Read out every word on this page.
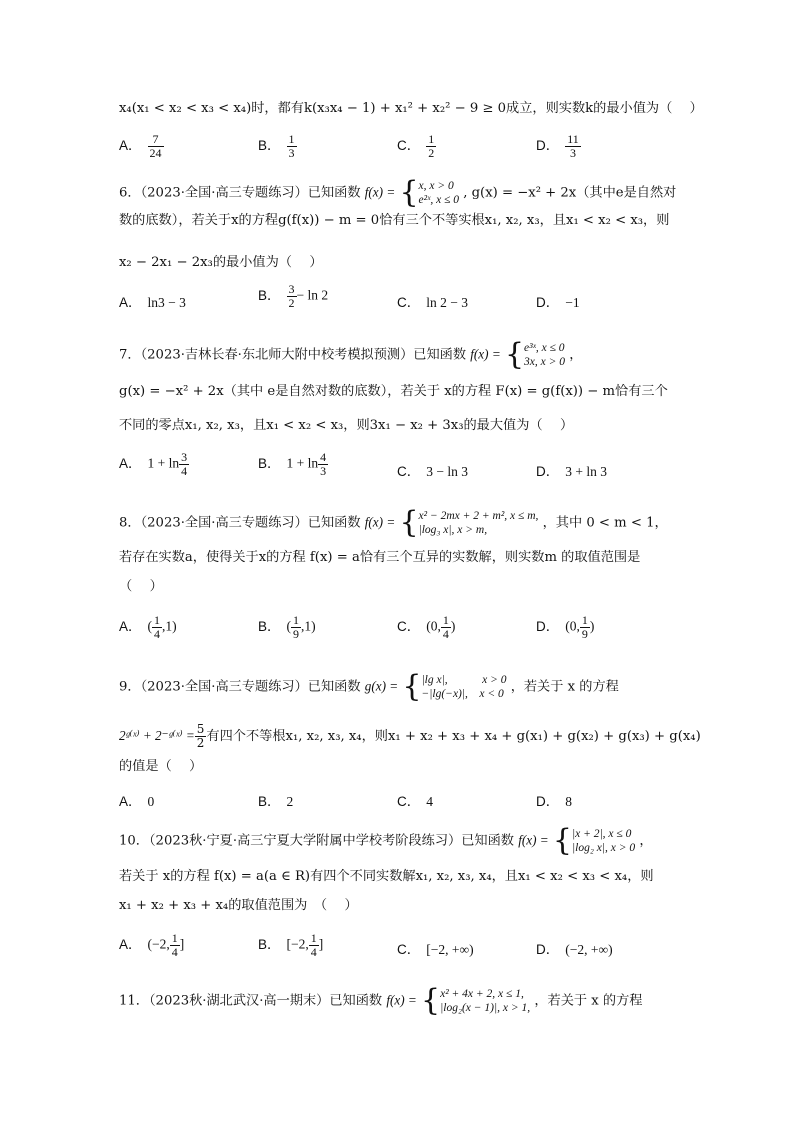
x₄(x₁ < x₂ < x₃ < x₄)时，都有k(x₃x₄ − 1) + x₁² + x₂² − 9 ≥ 0成立，则实数k的最小值为（　 ）
A． $\frac{7}{24}$	B． $\frac{1}{3}$	C． $\frac{1}{2}$	D． $\frac{11}{3}$
6．（2023·全国·高三专题练习）已知函数 f(x) = { x, x > 0
e²ˣ, x ≤ 0 , g(x) = −x² + 2x（其中e是自然对
数的底数），若关于x的方程g(f(x)) − m = 0恰有三个不等实根x₁, x₂, x₃，且x₁ < x₂ < x₃，则
x₂ − 2x₁ − 2x₃的最小值为（　 ）
A． ln3 − 3	B． $\frac{3}{2} - \ln 2$	C． ln 2 − 3	D． −1
7．（2023·吉林长春·东北师大附中校考模拟预测）已知函数 f(x) = { e³ˣ, x ≤ 0
3x, x > 0 ，
g(x) = −x² + 2x（其中 e是自然对数的底数），若关于 x的方程 F(x) = g(f(x)) − m恰有三个
不同的零点x₁, x₂, x₃，且x₁ < x₂ < x₃，则3x₁ − x₂ + 3x₃的最大值为（　 ）
A． $1 + \ln \frac{3}{4}$	B． $1 + \ln \frac{4}{3}$	C． 3 − ln 3	D． 3 + ln 3
8．（2023·全国·高三专题练习）已知函数 f(x) = { x² − 2mx + 2 + m², x ≤ m,
|log₃ x|, x > m,	，其中 0 < m < 1，
若存在实数a，使得关于x的方程 f(x) = a恰有三个互异的实数解，则实数m 的取值范围是
（　 ）
A． ( $\frac{1}{4} ,1$)	B． ( $\frac{1}{9} ,1$)	C． (0, $\frac{1}{4}$ )	D． (0, $\frac{1}{9}$ )
9．（2023·全国·高三专题练习）已知函数 g(x) = { |lg x|,　　　x > 0
−|lg(−x)|,　x < 0 ，若关于 x 的方程
2ᵍ⁽ˣ⁾ + 2⁻ᵍ⁽ˣ⁾ = $\frac{5}{2}$ 有四个不等根x₁, x₂, x₃, x₄，则x₁ + x₂ + x₃ + x₄ + g(x₁) + g(x₂) + g(x₃) + g(x₄)
的值是（　 ）
A． 0	B． 2	C． 4	D． 8
10．（2023秋·宁夏·高三宁夏大学附属中学校考阶段练习）已知函数 f(x) = { |x + 2|, x ≤ 0
|log₂ x|, x > 0 ，
若关于 x的方程 f(x) = a(a ∈ R)有四个不同实数解x₁, x₂, x₃, x₄，且x₁ < x₂ < x₃ < x₄，则
x₁ + x₂ + x₃ + x₄的取值范围为　（　 ）
A． (−2, $\frac{1}{4}$ ]	B． [−2, $\frac{1}{4}$ ]	C． [−2, +∞)	D． (−2, +∞)
11．（2023秋·湖北武汉·高一期末）已知函数 f(x) = { x² + 4x + 2, x ≤ 1,
|log₂(x − 1)|, x > 1, ，若关于 x 的方程
